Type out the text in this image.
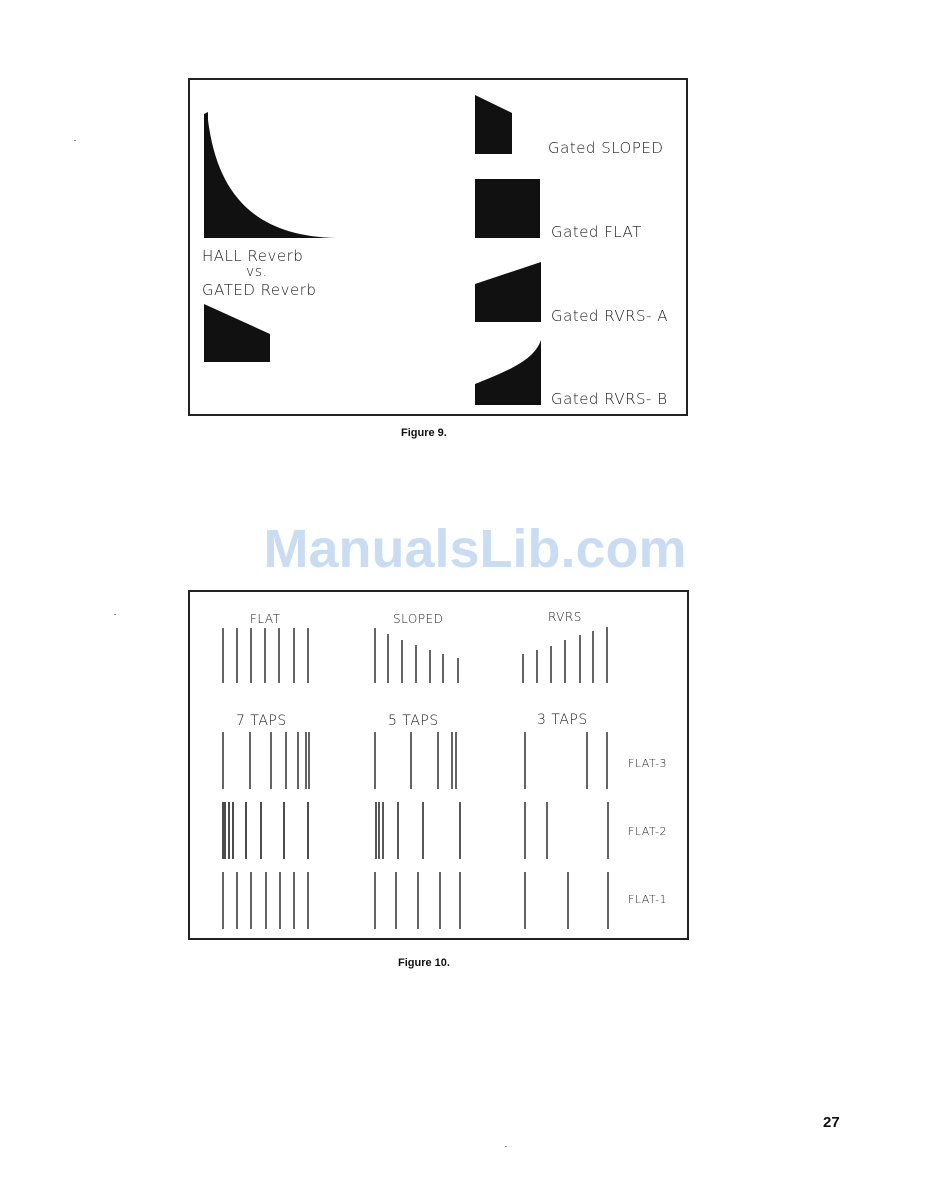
HALL Reverb
vs.
GATED Reverb
Gated SLOPED
Gated FLAT
Gated RVRS- A
Gated RVRS- B
Figure 9.
ManualsLib.com
FLAT	SLOPED	RVRS
7 TAPS	5 TAPS	3 TAPS
FLAT-3
FLAT-2
FLAT-1
Figure 10.
27
